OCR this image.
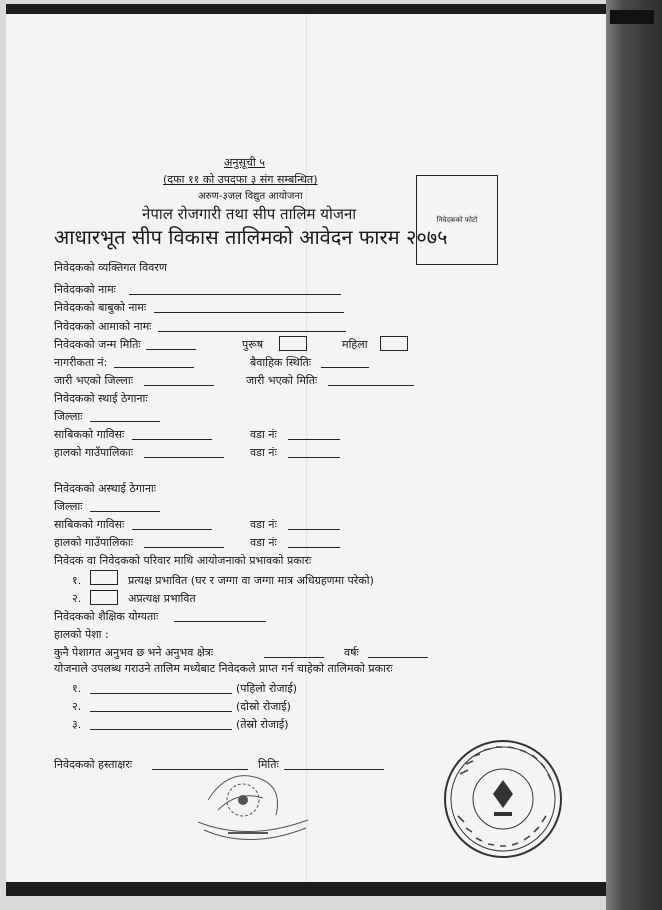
अनुसूची ५
(दफा ११ को उपदफा ३ संग सम्बन्धित)
अरुण-३जल विद्युत आयोजना
नेपाल रोजगारी तथा सीप तालिम योजना
आधारभूत सीप विकास तालिमको आवेदन फारम २०७५
निवेदकको फोटो
निवेदकको व्यक्तिगत विवरण
निवेदकको नामः
निवेदकको बाबुको नामः
निवेदकको आमाको नामः
निवेदकको जन्म मितिः	पुरूष	महिला
नागरीकता नं:	बैवाहिक स्थितिः
जारी भएको जिल्लाः	जारी भएको मितिः
निवेदकको स्थाई ठेगानाः
जिल्लाः
साबिकको गाविसः	वडा नंः
हालको गाउँपालिकाः	वडा नंः
निवेदकको अस्थाई ठेगानाः
जिल्लाः
साबिकको गाविसः	वडा नंः
हालको गाउँपालिकाः	वडा नंः
निवेदक वा निवेदकको परिवार माथि आयोजनाको प्रभावको प्रकारः
१.	प्रत्यक्ष प्रभावित (घर र जग्गा वा जग्गा मात्र अधिग्रहणमा परेको)
२.	अप्रत्यक्ष प्रभावित
निवेदकको शैक्षिक योग्यताः
हालको पेशा :
कुनै पेशागत अनुभव छ भने अनुभव क्षेत्रः	वर्षः
योजनाले उपलब्ध गराउने तालिम मध्येबाट निवेदकले प्राप्त गर्न चाहेको तालिमको प्रकारः
१.	(पहिलो रोजाई)
२.	(दोस्रो रोजाई)
३.	(तेस्रो रोजाई)
निवेदकको हस्ताक्षरः	मितिः
